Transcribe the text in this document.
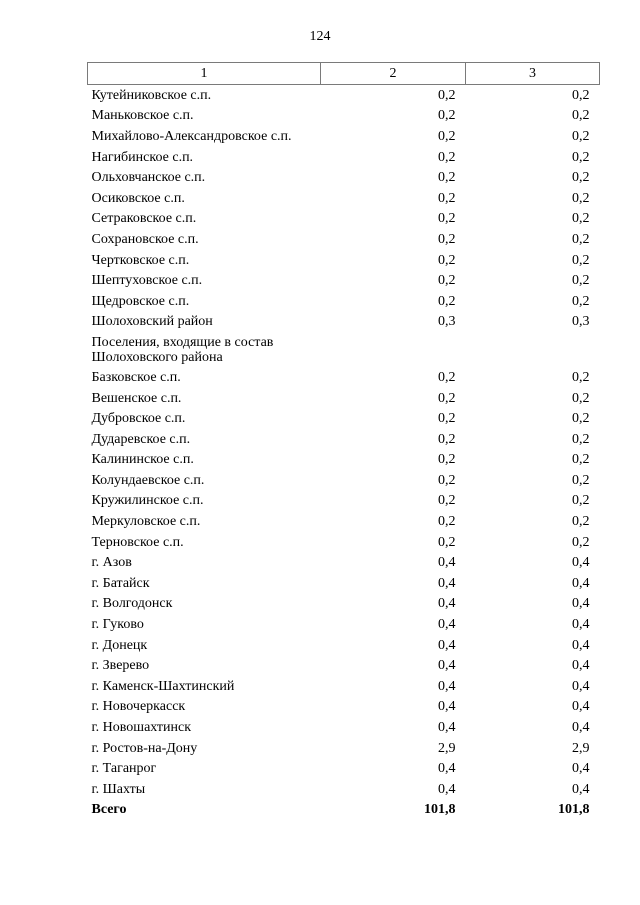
124
1	2	3
Кутейниковское с.п.	0,2	0,2
Маньковское с.п.	0,2	0,2
Михайлово-Александровское с.п.	0,2	0,2
Нагибинское с.п.	0,2	0,2
Ольховчанское с.п.	0,2	0,2
Осиковское с.п.	0,2	0,2
Сетраковское с.п.	0,2	0,2
Сохрановское с.п.	0,2	0,2
Чертковское с.п.	0,2	0,2
Шептуховское с.п.	0,2	0,2
Щедровское с.п.	0,2	0,2
Шолоховский район	0,3	0,3
Поселения, входящие в состав Шолоховского района		
Базковское с.п.	0,2	0,2
Вешенское с.п.	0,2	0,2
Дубровское с.п.	0,2	0,2
Дударевское с.п.	0,2	0,2
Калининское с.п.	0,2	0,2
Колундаевское с.п.	0,2	0,2
Кружилинское с.п.	0,2	0,2
Меркуловское с.п.	0,2	0,2
Терновское с.п.	0,2	0,2
г. Азов	0,4	0,4
г. Батайск	0,4	0,4
г. Волгодонск	0,4	0,4
г. Гуково	0,4	0,4
г. Донецк	0,4	0,4
г. Зверево	0,4	0,4
г. Каменск-Шахтинский	0,4	0,4
г. Новочеркасск	0,4	0,4
г. Новошахтинск	0,4	0,4
г. Ростов-на-Дону	2,9	2,9
г. Таганрог	0,4	0,4
г. Шахты	0,4	0,4
Всего	101,8	101,8
